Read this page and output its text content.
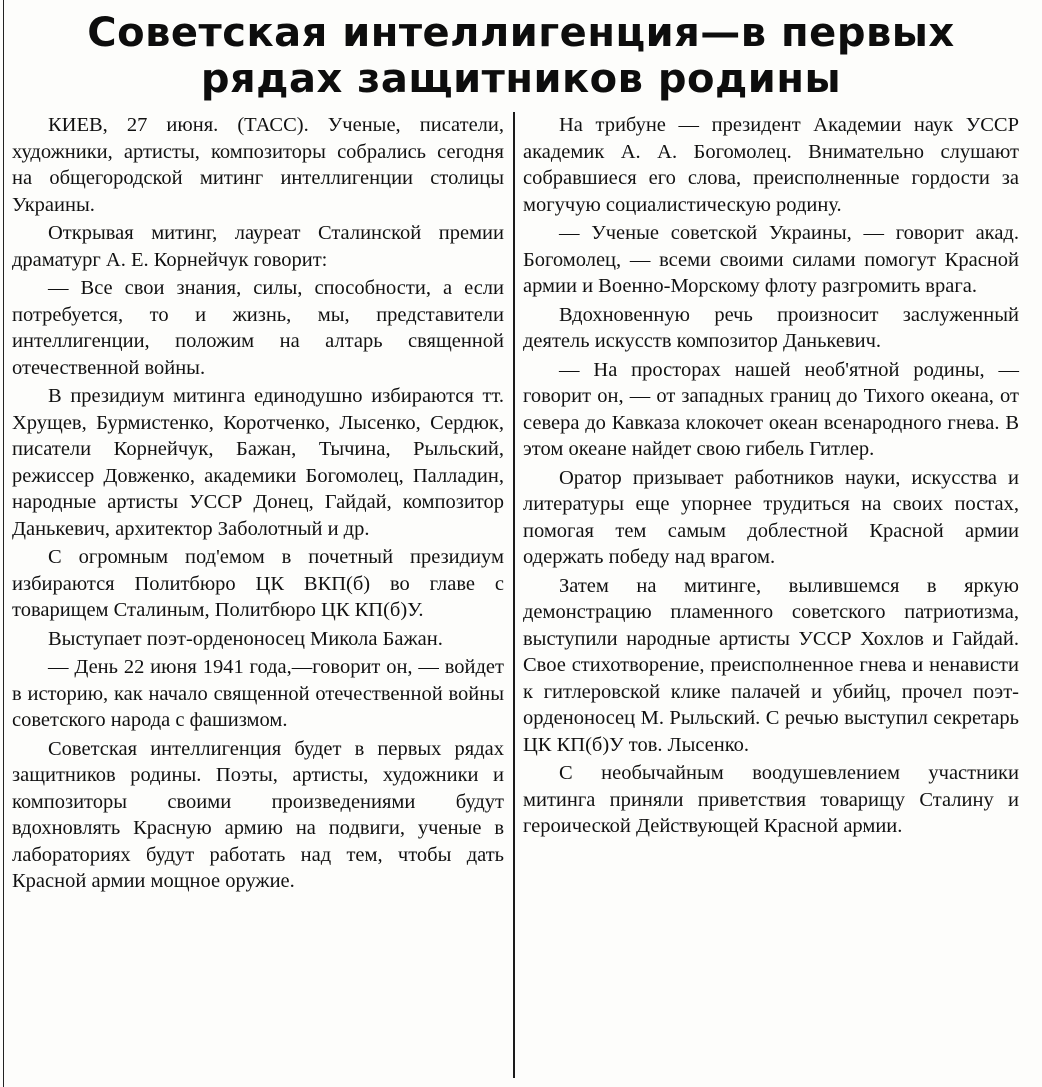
Советская интеллигенция—в первых
рядах защитников родины

КИЕВ, 27 июня. (ТАСС). Ученые, писатели, художники, артисты, композиторы собрались сегодня на общегородской митинг интеллигенции столицы Украины.

Открывая митинг, лауреат Сталинской премии драматург А. Е. Корнейчук говорит:

— Все свои знания, силы, способности, а если потребуется, то и жизнь, мы, представители интеллигенции, положим на алтарь священной отечественной войны.

В президиум митинга единодушно избираются тт. Хрущев, Бурмистенко, Коротченко, Лысенко, Сердюк, писатели Корнейчук, Бажан, Тычина, Рыльский, режиссер Довженко, академики Богомолец, Палладин, народные артисты УССР Донец, Гайдай, композитор Данькевич, архитектор Заболотный и др.

С огромным под'емом в почетный президиум избираются Политбюро ЦК ВКП(б) во главе с товарищем Сталиным, Политбюро ЦК КП(б)У.

Выступает поэт-орденоносец Микола Бажан.

— День 22 июня 1941 года,—говорит он, — войдет в историю, как начало священной отечественной войны советского народа с фашизмом.

Советская интеллигенция будет в первых рядах защитников родины. Поэты, артисты, художники и композиторы своими произведениями будут вдохновлять Красную армию на подвиги, ученые в лабораториях будут работать над тем, чтобы дать Красной армии мощное оружие.

На трибуне — президент Академии наук УССР академик А. А. Богомолец. Внимательно слушают собравшиеся его слова, преисполненные гордости за могучую социалистическую родину.

— Ученые советской Украины, — говорит акад. Богомолец, — всеми своими силами помогут Красной армии и Военно-Морскому флоту разгромить врага.

Вдохновенную речь произносит заслуженный деятель искусств композитор Данькевич.

— На просторах нашей необ'ятной родины, — говорит он, — от западных границ до Тихого океана, от севера до Кавказа клокочет океан всенародного гнева. В этом океане найдет свою гибель Гитлер.

Оратор призывает работников науки, искусства и литературы еще упорнее трудиться на своих постах, помогая тем самым доблестной Красной армии одержать победу над врагом.

Затем на митинге, вылившемся в яркую демонстрацию пламенного советского патриотизма, выступили народные артисты УССР Хохлов и Гайдай. Свое стихотворение, преисполненное гнева и ненависти к гитлеровской клике палачей и убийц, прочел поэт-орденоносец М. Рыльский. С речью выступил секретарь ЦК КП(б)У тов. Лысенко.

С необычайным воодушевлением участники митинга приняли приветствия товарищу Сталину и героической Действующей Красной армии.
